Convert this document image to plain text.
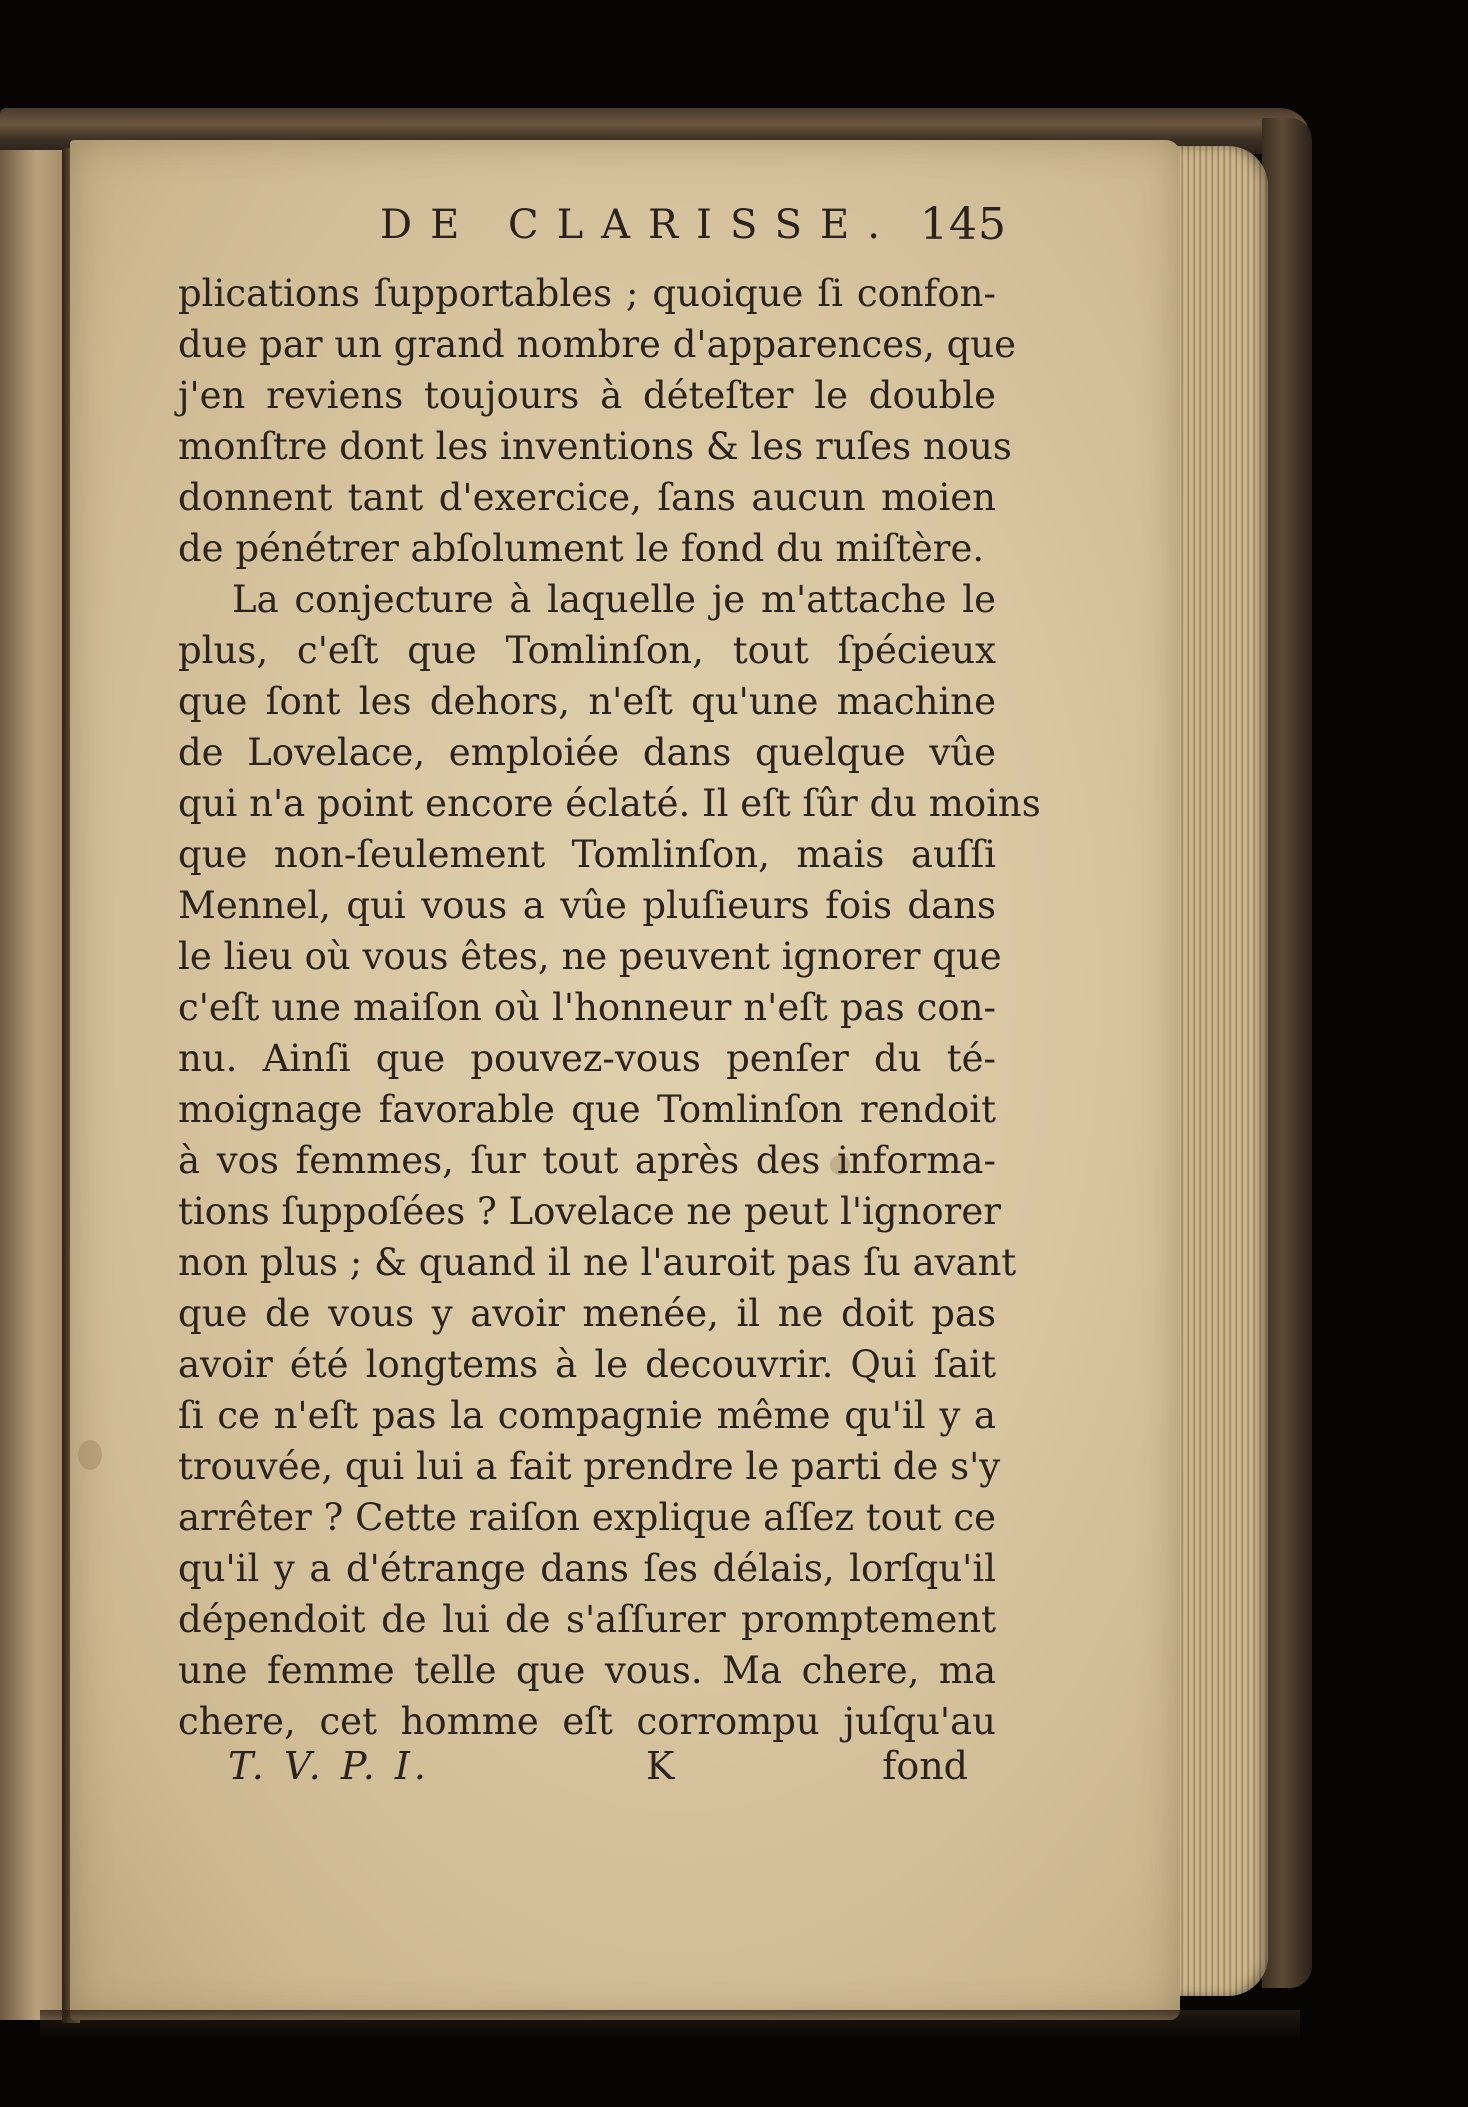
DE CLARISSE. 145
plications ſupportables ; quoique ſi confon-
due par un grand nombre d'apparences, que
j'en reviens toujours à déteſter le double
monſtre dont les inventions & les ruſes nous
donnent tant d'exercice, ſans aucun moien
de pénétrer abſolument le fond du miſtère.
La conjecture à laquelle je m'attache le
plus, c'eſt que Tomlinſon, tout ſpécieux
que ſont les dehors, n'eſt qu'une machine
de Lovelace, emploiée dans quelque vûe
qui n'a point encore éclaté. Il eſt ſûr du moins
que non-ſeulement Tomlinſon, mais auſſi
Mennel, qui vous a vûe pluſieurs fois dans
le lieu où vous êtes, ne peuvent ignorer que
c'eſt une maiſon où l'honneur n'eſt pas con-
nu. Ainſi que pouvez-vous penſer du té-
moignage favorable que Tomlinſon rendoit
à vos femmes, ſur tout après des informa-
tions ſuppoſées ? Lovelace ne peut l'ignorer
non plus ; & quand il ne l'auroit pas ſu avant
que de vous y avoir menée, il ne doit pas
avoir été longtems à le decouvrir. Qui ſait
ſi ce n'eſt pas la compagnie même qu'il y a
trouvée, qui lui a fait prendre le parti de s'y
arrêter ? Cette raiſon explique aſſez tout ce
qu'il y a d'étrange dans ſes délais, lorſqu'il
dépendoit de lui de s'aſſurer promptement
une femme telle que vous. Ma chere, ma
chere, cet homme eſt corrompu juſqu'au
T. V. P. I.	K	fond
